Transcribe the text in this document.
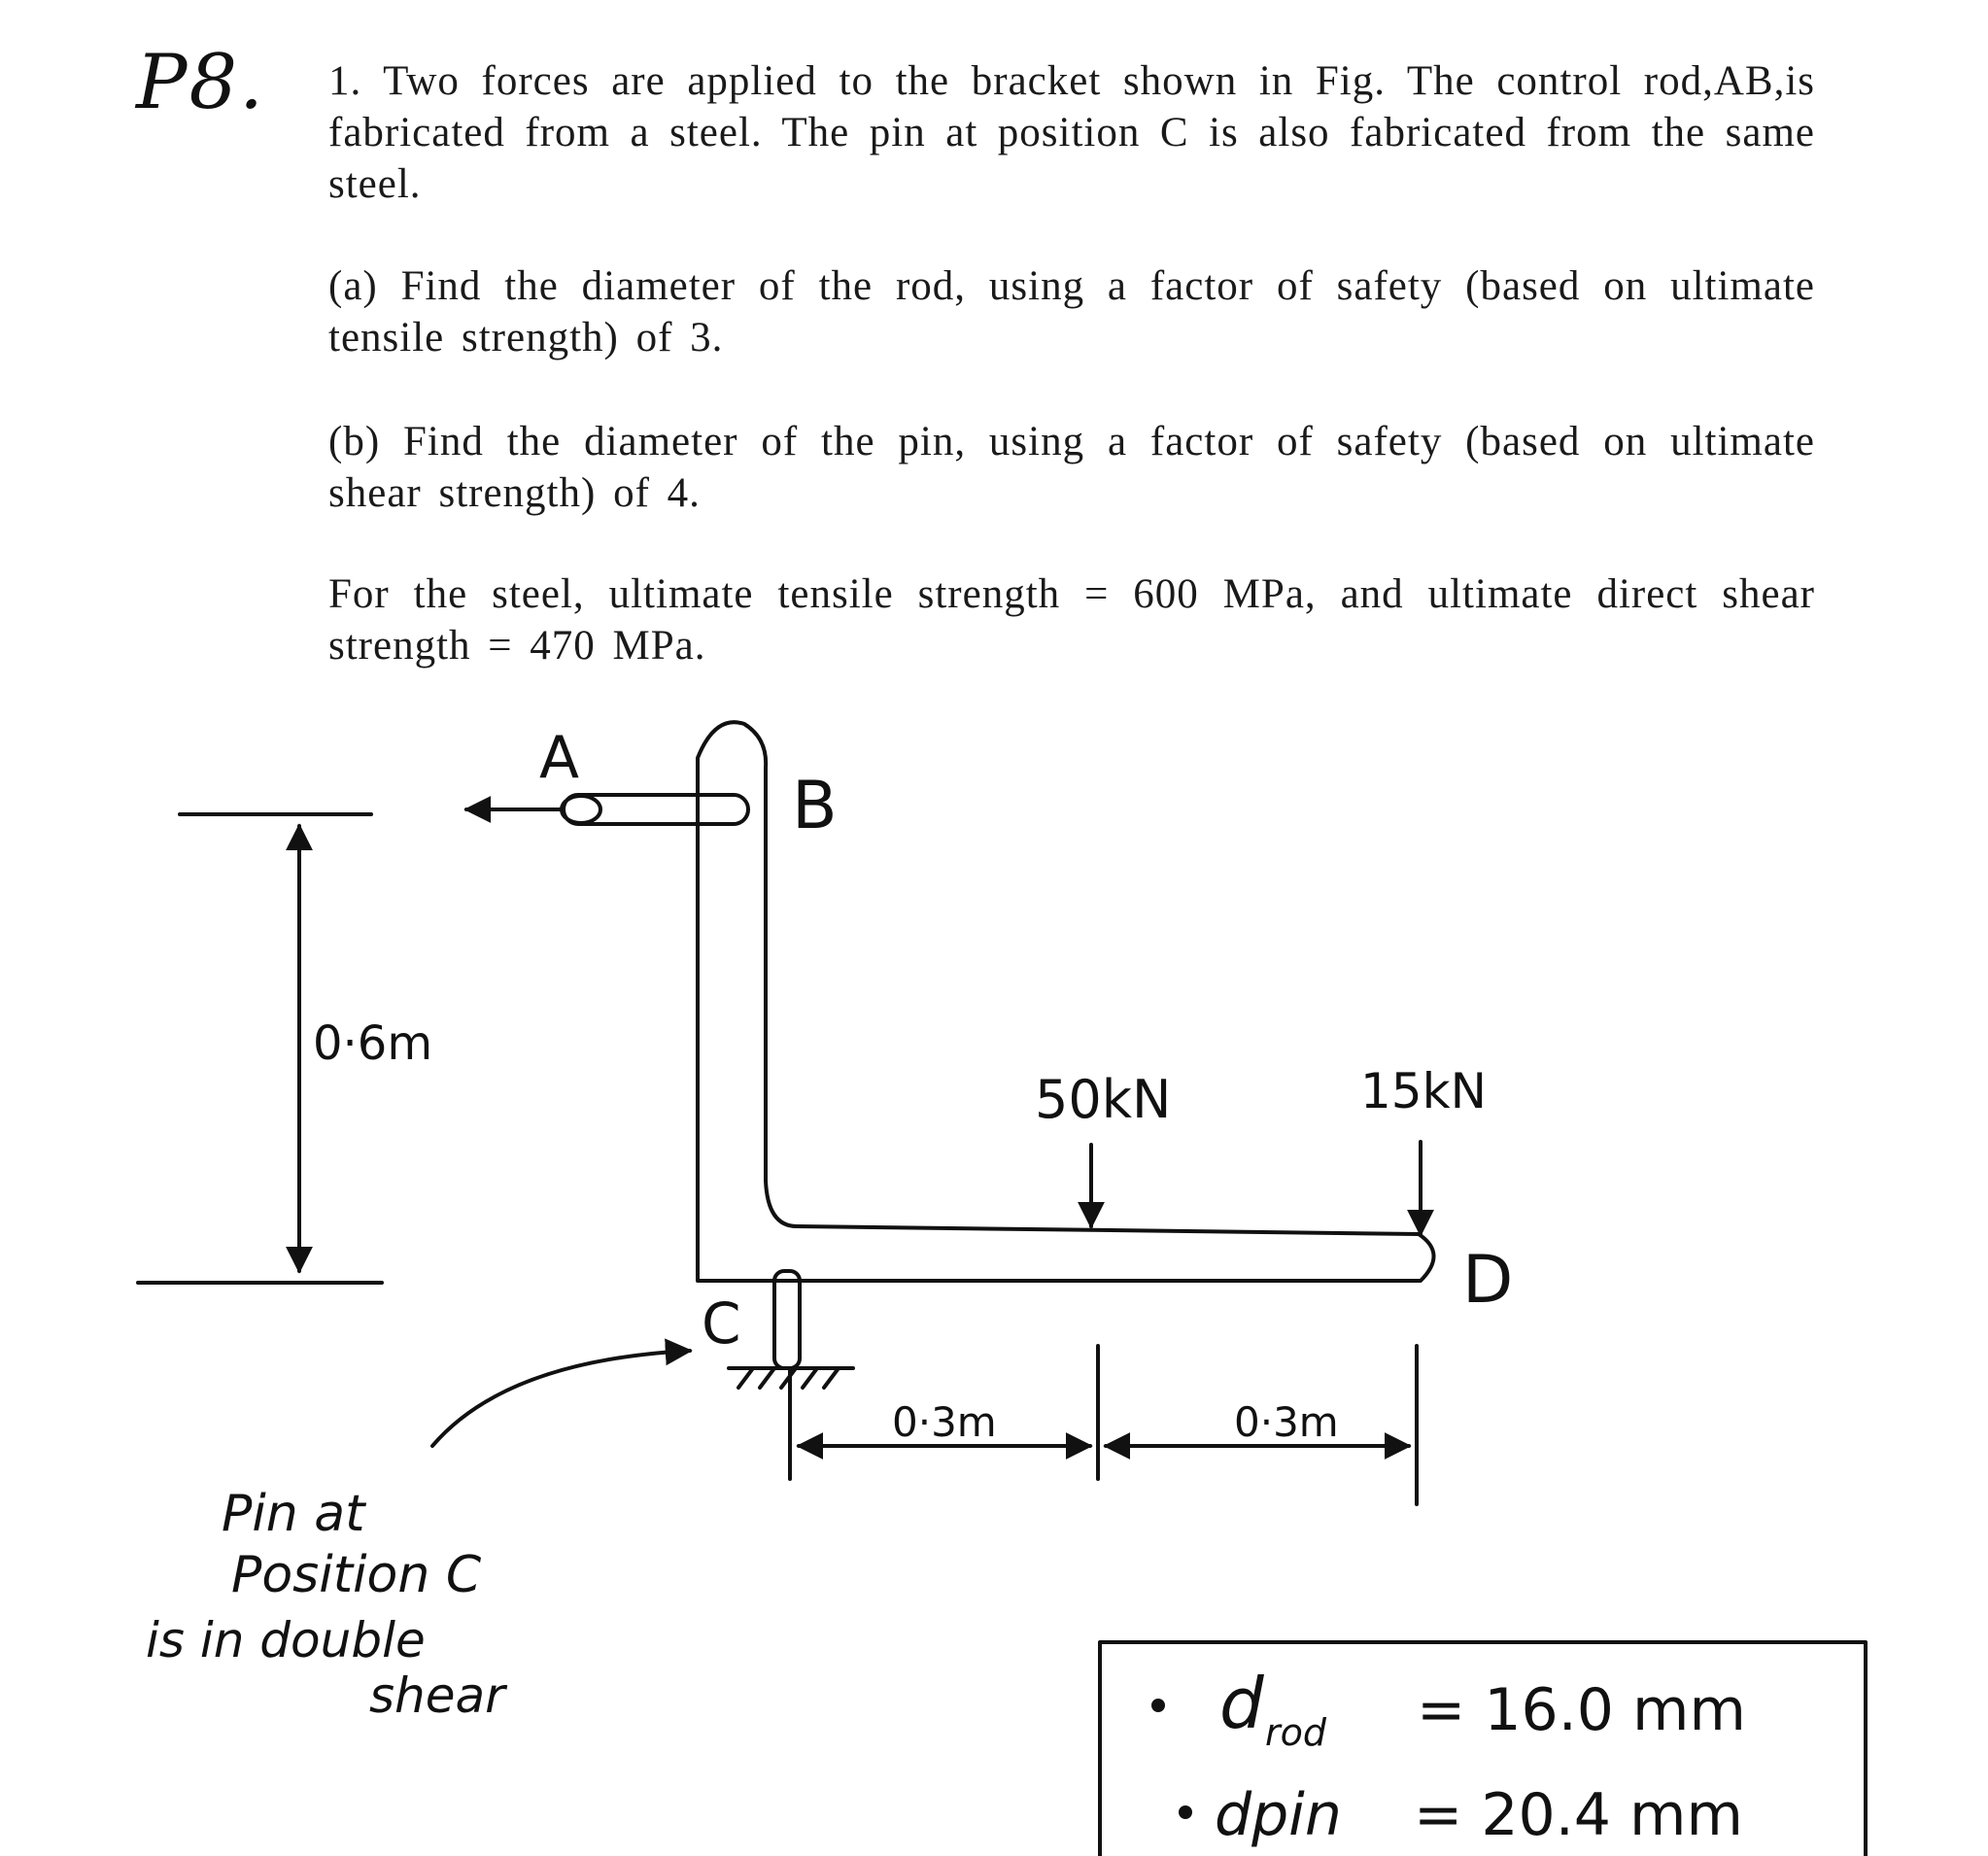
P8. 1. Two forces are applied to the bracket shown in Fig. The control rod,AB,is fabricated from a steel. The pin at position C is also fabricated from the same steel.
(a) Find the diameter of the rod, using a factor of safety (based on ultimate tensile strength) of 3.
(b) Find the diameter of the pin, using a factor of safety (based on ultimate shear strength) of 4.
For the steel, ultimate tensile strength = 600 MPa, and ultimate direct shear strength = 470 MPa.
A
B
C
D
0·6m
50kN	15kN
0·3m	0·3m
Pin at
Position C
is in double
shear	d rod = 16.0 mm
dpin = 20.4 mm
